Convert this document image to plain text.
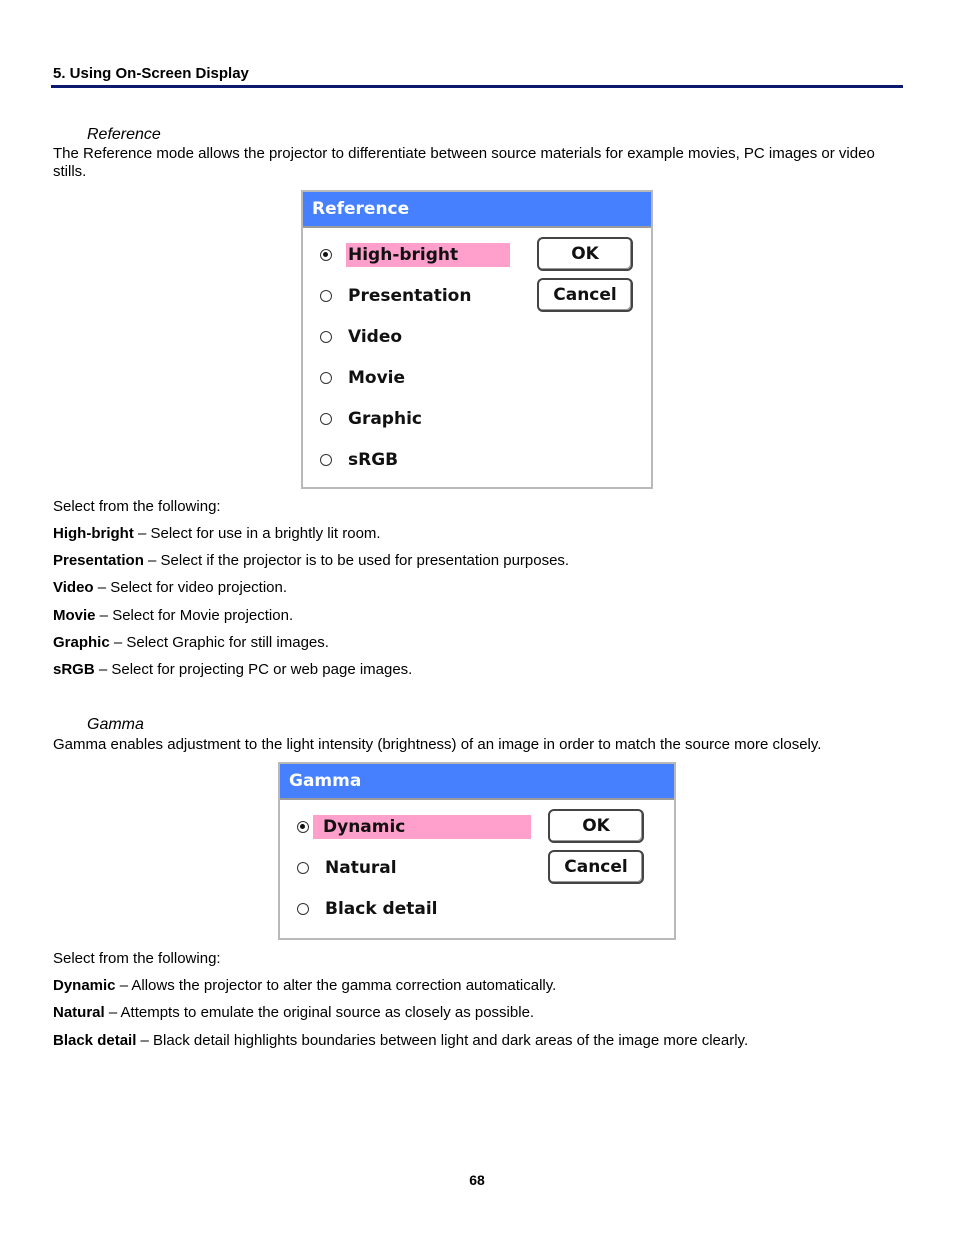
5. Using On-Screen Display
Reference
The Reference mode allows the projector to differentiate between source materials for example movies, PC images or video stills.
Reference
High-bright
Presentation
Video
Movie
Graphic
sRGB
OK
Cancel
Select from the following:
High-bright – Select for use in a brightly lit room.
Presentation – Select if the projector is to be used for presentation purposes.
Video – Select for video projection.
Movie – Select for Movie projection.
Graphic – Select Graphic for still images.
sRGB – Select for projecting PC or web page images.
Gamma
Gamma enables adjustment to the light intensity (brightness) of an image in order to match the source more closely.
Gamma
Dynamic
Natural
Black detail
OK
Cancel
Select from the following:
Dynamic – Allows the projector to alter the gamma correction automatically.
Natural – Attempts to emulate the original source as closely as possible.
Black detail – Black detail highlights boundaries between light and dark areas of the image more clearly.
68
